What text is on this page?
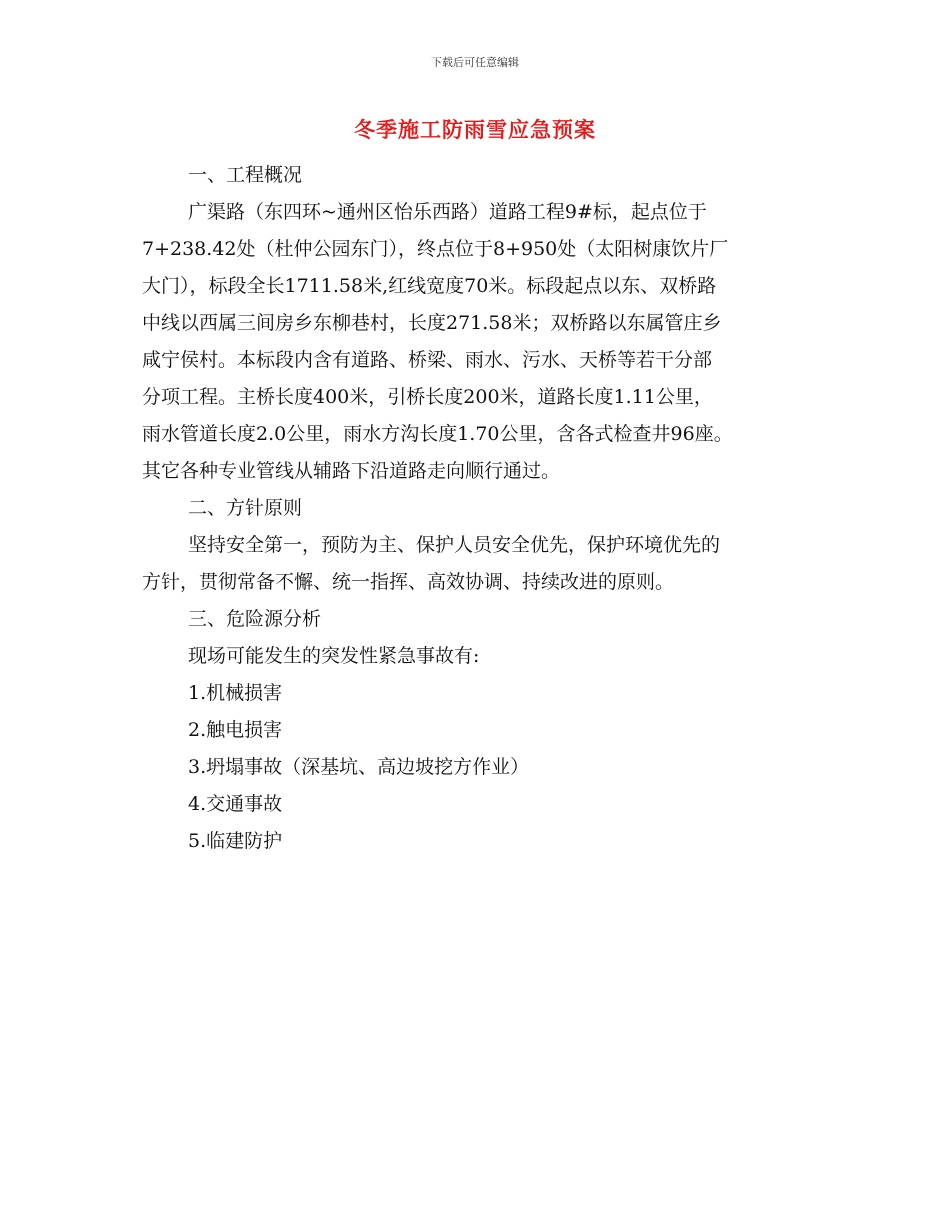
下载后可任意编辑
冬季施工防雨雪应急预案
一、工程概况
广渠路（东四环~通州区怡乐西路）道路工程9#标，起点位于
7+238.42处（杜仲公园东门），终点位于8+950处（太阳树康饮片厂
大门），标段全长1711.58米,红线宽度70米。标段起点以东、双桥路
中线以西属三间房乡东柳巷村，长度271.58米；双桥路以东属管庄乡
咸宁侯村。本标段内含有道路、桥梁、雨水、污水、天桥等若干分部
分项工程。主桥长度400米，引桥长度200米，道路长度1.11公里，
雨水管道长度2.0公里，雨水方沟长度1.70公里，含各式检查井96座。
其它各种专业管线从辅路下沿道路走向顺行通过。
二、方针原则
坚持安全第一，预防为主、保护人员安全优先，保护环境优先的
方针，贯彻常备不懈、统一指挥、高效协调、持续改进的原则。
三、危险源分析
现场可能发生的突发性紧急事故有:
1.机械损害
2.触电损害
3.坍塌事故（深基坑、高边坡挖方作业）
4.交通事故
5.临建防护
